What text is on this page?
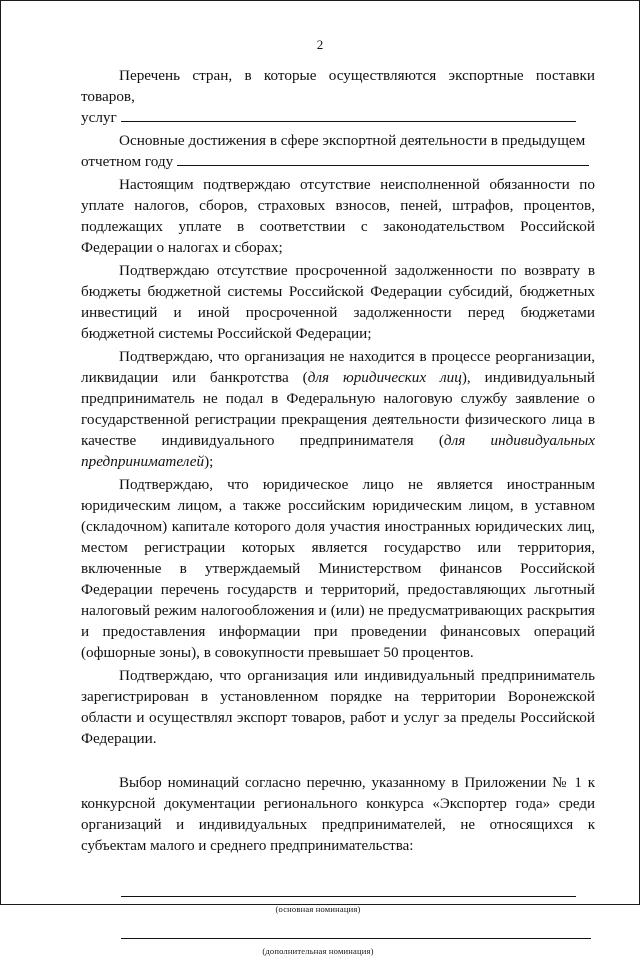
2

Перечень стран, в которые осуществляются экспортные поставки товаров,
услуг

Основные достижения в сфере экспортной деятельности в предыдущем
отчетном году

Настоящим подтверждаю отсутствие неисполненной обязанности по уплате налогов, сборов, страховых взносов, пеней, штрафов, процентов, подлежащих уплате в соответствии с законодательством Российской Федерации о налогах и сборах;

Подтверждаю отсутствие просроченной задолженности по возврату в бюджеты бюджетной системы Российской Федерации субсидий, бюджетных инвестиций и иной просроченной задолженности перед бюджетами бюджетной системы Российской Федерации;

Подтверждаю, что организация не находится в процессе реорганизации, ликвидации или банкротства (для юридических лиц), индивидуальный предприниматель не подал в Федеральную налоговую службу заявление о государственной регистрации прекращения деятельности физического лица в качестве индивидуального предпринимателя (для индивидуальных предпринимателей);

Подтверждаю, что юридическое лицо не является иностранным юридическим лицом, а также российским юридическим лицом, в уставном (складочном) капитале которого доля участия иностранных юридических лиц, местом регистрации которых является государство или территория, включенные в утверждаемый Министерством финансов Российской Федерации перечень государств и территорий, предоставляющих льготный налоговый режим налогообложения и (или) не предусматривающих раскрытия и предоставления информации при проведении финансовых операций (офшорные зоны), в совокупности превышает 50 процентов.

Подтверждаю, что организация или индивидуальный предприниматель зарегистрирован в установленном порядке на территории Воронежской области и осуществлял экспорт товаров, работ и услуг за пределы Российской Федерации.

Выбор номинаций согласно перечню, указанному в Приложении № 1 к конкурсной документации регионального конкурса «Экспортер года» среди организаций и индивидуальных предпринимателей, не относящихся к субъектам малого и среднего предпринимательства:

(основная номинация)
(дополнительная номинация)
